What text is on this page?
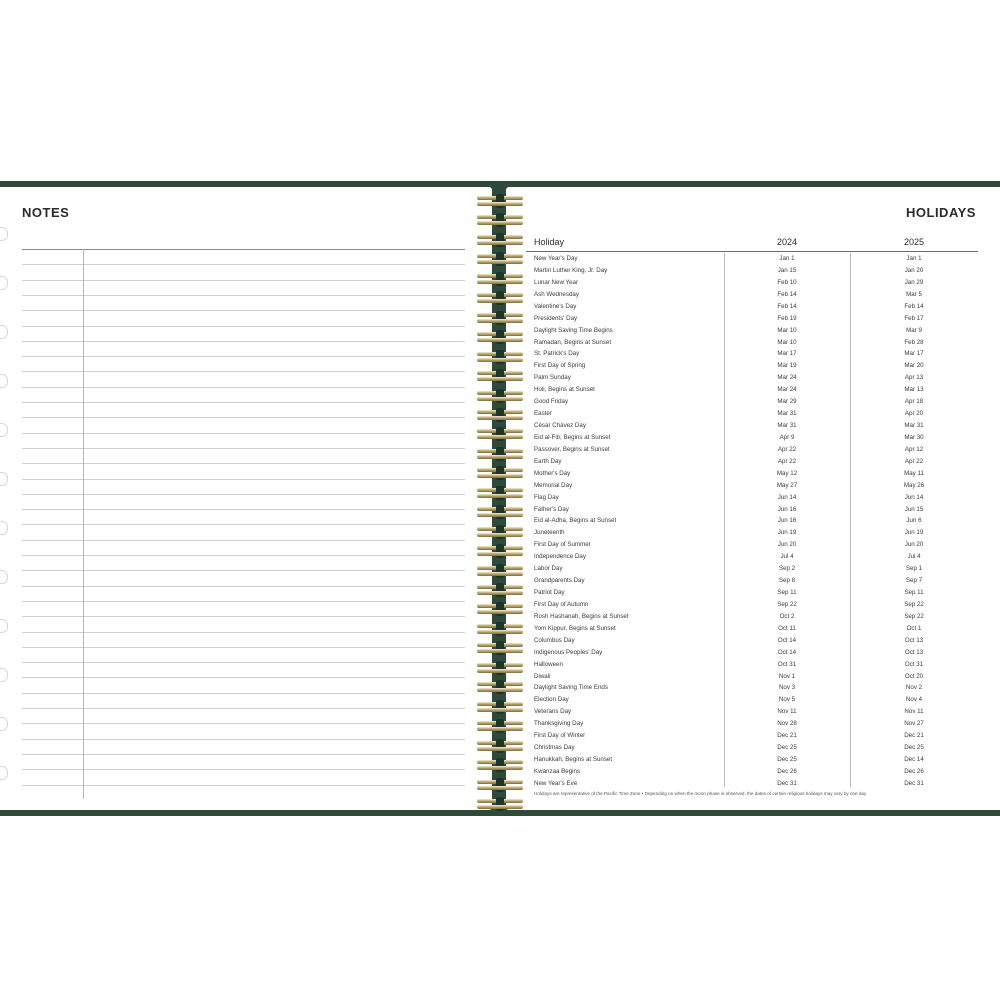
NOTES	HOLIDAYS
Holiday	2024	2025
New Year's Day	Jan 1	Jan 1
Martin Luther King, Jr. Day	Jan 15	Jan 20
Lunar New Year	Feb 10	Jan 29
Ash Wednesday	Feb 14	Mar 5
Valentine's Day	Feb 14	Feb 14
Presidents' Day	Feb 19	Feb 17
Daylight Saving Time Begins	Mar 10	Mar 9
Ramadan, Begins at Sunset	Mar 10	Feb 28
St. Patrick's Day	Mar 17	Mar 17
First Day of Spring	Mar 19	Mar 20
Palm Sunday	Mar 24	Apr 13
Holi, Begins at Sunset	Mar 24	Mar 13
Good Friday	Mar 29	Apr 18
Easter	Mar 31	Apr 20
César Chávez Day	Mar 31	Mar 31
Eid al-Fitr, Begins at Sunset	Apr 9	Mar 30
Passover, Begins at Sunset	Apr 22	Apr 12
Earth Day	Apr 22	Apr 22
Mother's Day	May 12	May 11
Memorial Day	May 27	May 26
Flag Day	Jun 14	Jun 14
Father's Day	Jun 16	Jun 15
Eid al-Adha, Begins at Sunset	Jun 16	Jun 6
Juneteenth	Jun 19	Jun 19
First Day of Summer	Jun 20	Jun 20
Independence Day	Jul 4	Jul 4
Labor Day	Sep 2	Sep 1
Grandparents Day	Sep 8	Sep 7
Patriot Day	Sep 11	Sep 11
First Day of Autumn	Sep 22	Sep 22
Rosh Hashanah, Begins at Sunset	Oct 2	Sep 22
Yom Kippur, Begins at Sunset	Oct 11	Oct 1
Columbus Day	Oct 14	Oct 13
Indigenous Peoples' Day	Oct 14	Oct 13
Halloween	Oct 31	Oct 31
Diwali	Nov 1	Oct 20
Daylight Saving Time Ends	Nov 3	Nov 2
Election Day	Nov 5	Nov 4
Veterans Day	Nov 11	Nov 11
Thanksgiving Day	Nov 28	Nov 27
First Day of Winter	Dec 21	Dec 21
Christmas Day	Dec 25	Dec 25
Hanukkah, Begins at Sunset	Dec 25	Dec 14
Kwanzaa Begins	Dec 26	Dec 26
New Year's Eve	Dec 31	Dec 31
Holidays are representative of the Pacific Time Zone • Depending on when the moon phase is observed, the dates of certain religious holidays may vary by one day
